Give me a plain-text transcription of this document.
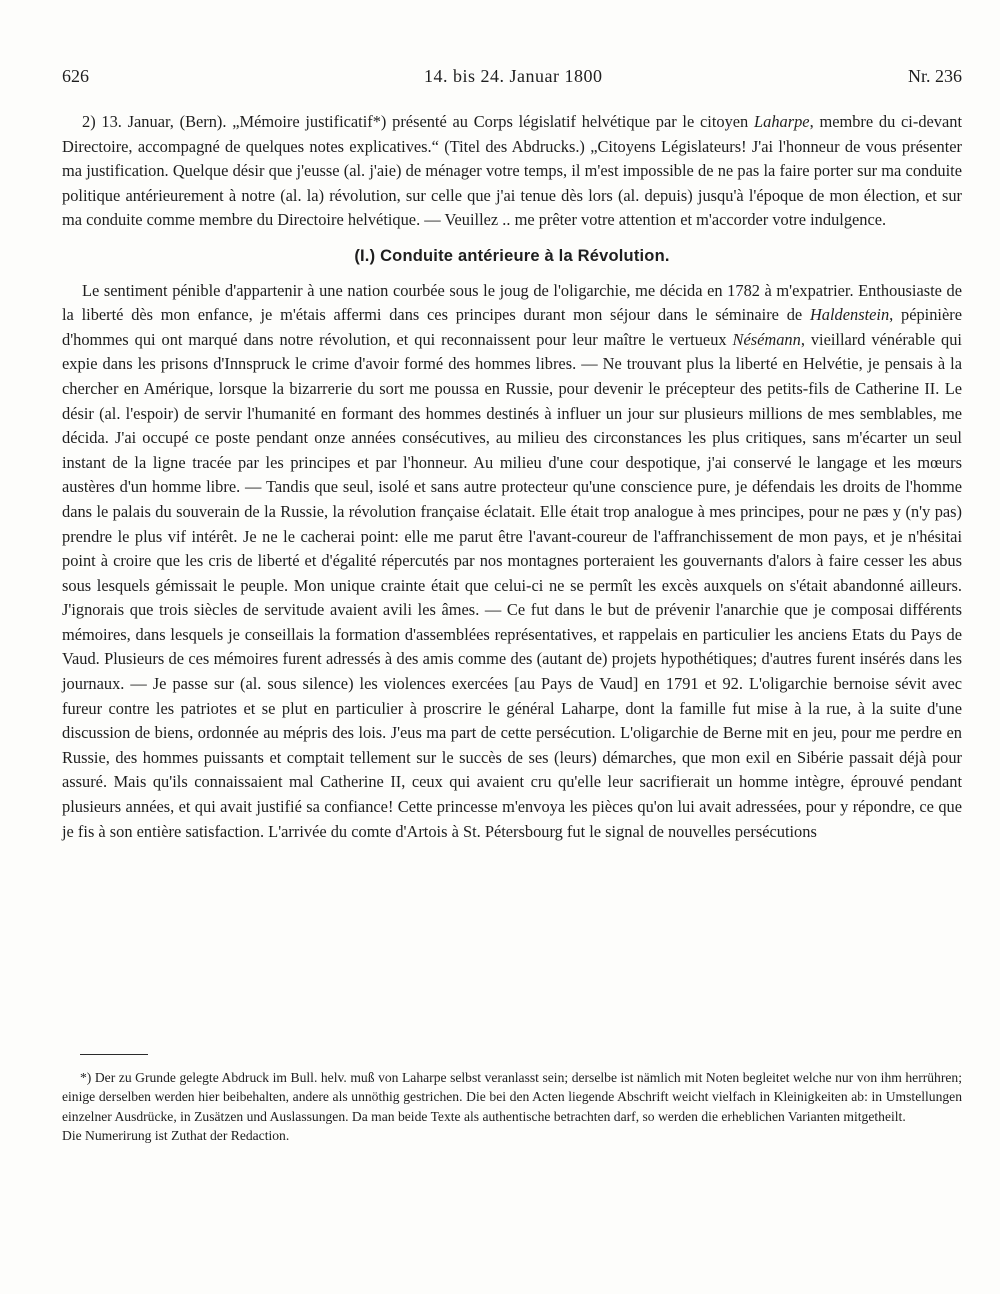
626	14. bis 24. Januar 1800	Nr. 236

2) 13. Januar, (Bern). „Mémoire justificatif*) présenté au Corps législatif helvétique par le citoyen Laharpe, membre du ci-devant Directoire, accompagné de quelques notes explicatives.“ (Titel des Abdrucks.) „Citoyens Législateurs! J'ai l'honneur de vous présenter ma justification. Quelque désir que j'eusse (al. j'aie) de ménager votre temps, il m'est impossible de ne pas la faire porter sur ma conduite politique antérieurement à notre (al. la) révolution, sur celle que j'ai tenue dès lors (al. depuis) jusqu'à l'époque de mon élection, et sur ma conduite comme membre du Directoire helvétique. — Veuillez .. me prêter votre attention et m'accorder votre indulgence.

(I.) Conduite antérieure à la Révolution.

Le sentiment pénible d'appartenir à une nation courbée sous le joug de l'oligarchie, me décida en 1782 à m'expatrier. Enthousiaste de la liberté dès mon enfance, je m'étais affermi dans ces principes durant mon séjour dans le séminaire de Haldenstein, pépinière d'hommes qui ont marqué dans notre révolution, et qui reconnaissent pour leur maître le vertueux Nésémann, vieillard vénérable qui expie dans les prisons d'Innspruck le crime d'avoir formé des hommes libres. — Ne trouvant plus la liberté en Helvétie, je pensais à la chercher en Amérique, lorsque la bizarrerie du sort me poussa en Russie, pour devenir le précepteur des petits-fils de Catherine II. Le désir (al. l'espoir) de servir l'humanité en formant des hommes destinés à influer un jour sur plusieurs millions de mes semblables, me décida. J'ai occupé ce poste pendant onze années consécutives, au milieu des circonstances les plus critiques, sans m'écarter un seul instant de la ligne tracée par les principes et par l'honneur. Au milieu d'une cour despotique, j'ai conservé le langage et les mœurs austères d'un homme libre. — Tandis que seul, isolé et sans autre protecteur qu'une conscience pure, je défendais les droits de l'homme dans le palais du souverain de la Russie, la révolution française éclatait. Elle était trop analogue à mes principes, pour ne pæs y (n'y pas) prendre le plus vif intérêt. Je ne le cacherai point: elle me parut être l'avant-coureur de l'affranchissement de mon pays, et je n'hésitai point à croire que les cris de liberté et d'égalité répercutés par nos montagnes porteraient les gouvernants d'alors à faire cesser les abus sous lesquels gémissait le peuple. Mon unique crainte était que celui-ci ne se permît les excès auxquels on s'était abandonné ailleurs. J'ignorais que trois siècles de servitude avaient avili les âmes. — Ce fut dans le but de prévenir l'anarchie que je composai différents mémoires, dans lesquels je conseillais la formation d'assemblées représentatives, et rappelais en particulier les anciens Etats du Pays de Vaud. Plusieurs de ces mémoires furent adressés à des amis comme des (autant de) projets hypothétiques; d'autres furent insérés dans les journaux. — Je passe sur (al. sous silence) les violences exercées [au Pays de Vaud] en 1791 et 92. L'oligarchie bernoise sévit avec fureur contre les patriotes et se plut en particulier à proscrire le général Laharpe, dont la famille fut mise à la rue, à la suite d'une discussion de biens, ordonnée au mépris des lois. J'eus ma part de cette persécution. L'oligarchie de Berne mit en jeu, pour me perdre en Russie, des hommes puissants et comptait tellement sur le succès de ses (leurs) démarches, que mon exil en Sibérie passait déjà pour assuré. Mais qu'ils connaissaient mal Catherine II, ceux qui avaient cru qu'elle leur sacrifierait un homme intègre, éprouvé pendant plusieurs années, et qui avait justifié sa confiance! Cette princesse m'envoya les pièces qu'on lui avait adressées, pour y répondre, ce que je fis à son entière satisfaction. L'arrivée du comte d'Artois à St. Pétersbourg fut le signal de nouvelles persécutions

*) Der zu Grunde gelegte Abdruck im Bull. helv. muß von Laharpe selbst veranlasst sein; derselbe ist nämlich mit Noten begleitet welche nur von ihm herrühren; einige derselben werden hier beibehalten, andere als unnöthig gestrichen. Die bei den Acten liegende Abschrift weicht vielfach in Kleinigkeiten ab: in Umstellungen einzelner Ausdrücke, in Zusätzen und Auslassungen. Da man beide Texte als authentische betrachten darf, so werden die erheblichen Varianten mitgetheilt.

Die Numerirung ist Zuthat der Redaction.
